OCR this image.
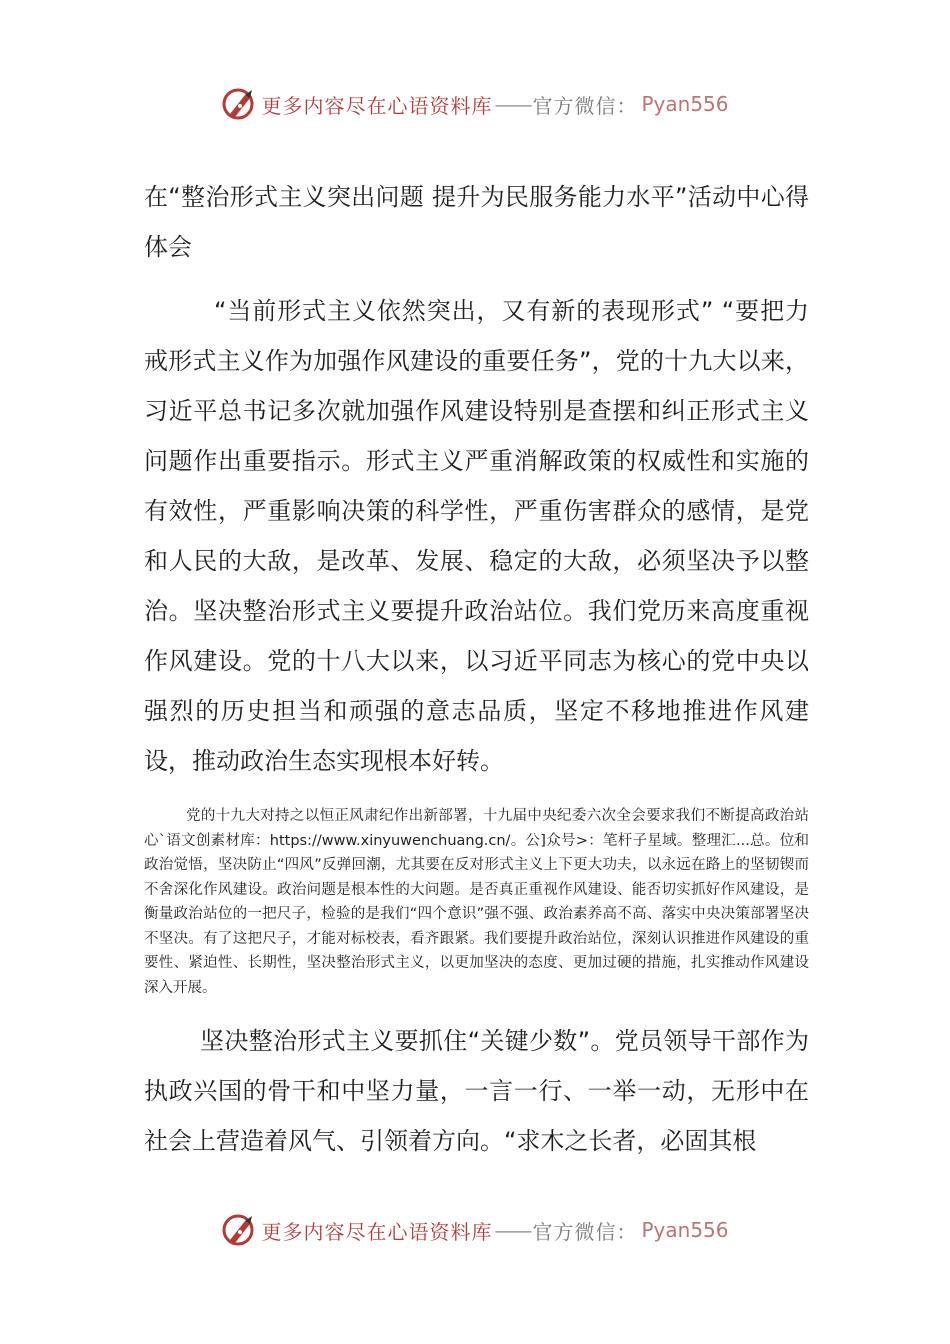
更多内容尽在心语资料库 —— 官方微信： Pyan556

在“整治形式主义突出问题 提升为民服务能力水平”活动中心得体会

“当前形式主义依然突出，又有新的表现形式” “要把力戒形式主义作为加强作风建设的重要任务”，党的十九大以来，习近平总书记多次就加强作风建设特别是查摆和纠正形式主义问题作出重要指示。形式主义严重消解政策的权威性和实施的有效性，严重影响决策的科学性，严重伤害群众的感情，是党和人民的大敌，是改革、发展、稳定的大敌，必须坚决予以整治。坚决整治形式主义要提升政治站位。我们党历来高度重视作风建设。党的十八大以来，以习近平同志为核心的党中央以强烈的历史担当和顽强的意志品质，坚定不移地推进作风建设，推动政治生态实现根本好转。

党的十九大对持之以恒正风肃纪作出新部署，十九届中央纪委六次全会要求我们不断提高政治站心`语文创素材库：https://www.xinyuwenchuang.cn/。公]众号>：笔杆子星域。整理汇...总。位和政治觉悟，坚决防止“四风”反弹回潮，尤其要在反对形式主义上下更大功夫，以永远在路上的坚韧锲而不舍深化作风建设。政治问题是根本性的大问题。是否真正重视作风建设、能否切实抓好作风建设，是衡量政治站位的一把尺子，检验的是我们“四个意识”强不强、政治素养高不高、落实中央决策部署坚决不坚决。有了这把尺子，才能对标校表，看齐跟紧。我们要提升政治站位，深刻认识推进作风建设的重要性、紧迫性、长期性，坚决整治形式主义，以更加坚决的态度、更加过硬的措施，扎实推动作风建设深入开展。

坚决整治形式主义要抓住“关键少数”。党员领导干部作为执政兴国的骨干和中坚力量，一言一行、一举一动，无形中在社会上营造着风气、引领着方向。“求木之长者，必固其根

更多内容尽在心语资料库 —— 官方微信： Pyan556
